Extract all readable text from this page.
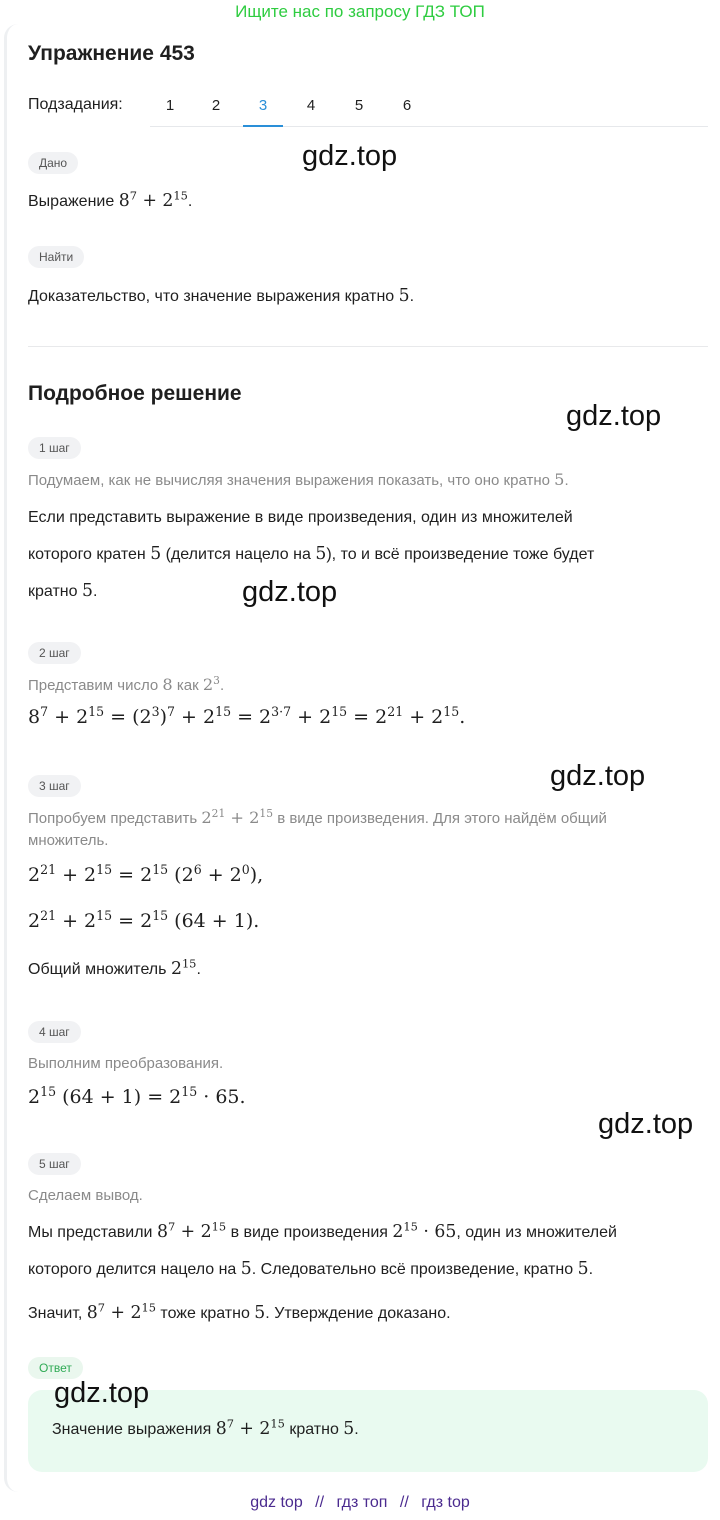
Ищите нас по запросу ГДЗ ТОП
Упражнение 453
Подзадания:	1	2	3	4	5	6
Дано	gdz.top
Выражение $8^7 + 2^{15}$.
Найти
Доказательство, что значение выражения кратно 5.
Подробное решение
gdz.top
1 шаг
Подумаем, как не вычисляя значения выражения показать, что оно кратно 5.
Если представить выражение в виде произведения, один из множителей
которого кратен 5 (делится нацело на 5), то и всё произведение тоже будет
кратно 5.	gdz.top
2 шаг
Представим число 8 как $2^3$.
$8^7 + 2^{15} = (2^3)^7 + 2^{15} = 2^{3\cdot 7} + 2^{15} = 2^{21} + 2^{15}$.
gdz.top
3 шаг
Попробуем представить $2^{21} + 2^{15}$ в виде произведения. Для этого найдём общий
множитель.
$2^{21} + 2^{15} = 2^{15}$ $(2^6 + 2^0)$,
$2^{21} + 2^{15} = 2^{15}$ (64 + 1).
Общий множитель $2^{15}$.
4 шаг
Выполним преобразования.
$2^{15}$ $(64 + 1) = 2^{15} \cdot 65$.
gdz.top
5 шаг
Сделаем вывод.
Мы представили $8^7 + 2^{15}$ в виде произведения $2^{15} \cdot 65$, один из множителей
которого делится нацело на 5. Следовательно всё произведение, кратно 5.
Значит, $8^7 + 2^{15}$ тоже кратно 5. Утверждение доказано.
Ответ
Значение выражения $8^7 + 2^{15}$ кратно 5.
gdz.top
gdz top // гдз топ // гдз top
